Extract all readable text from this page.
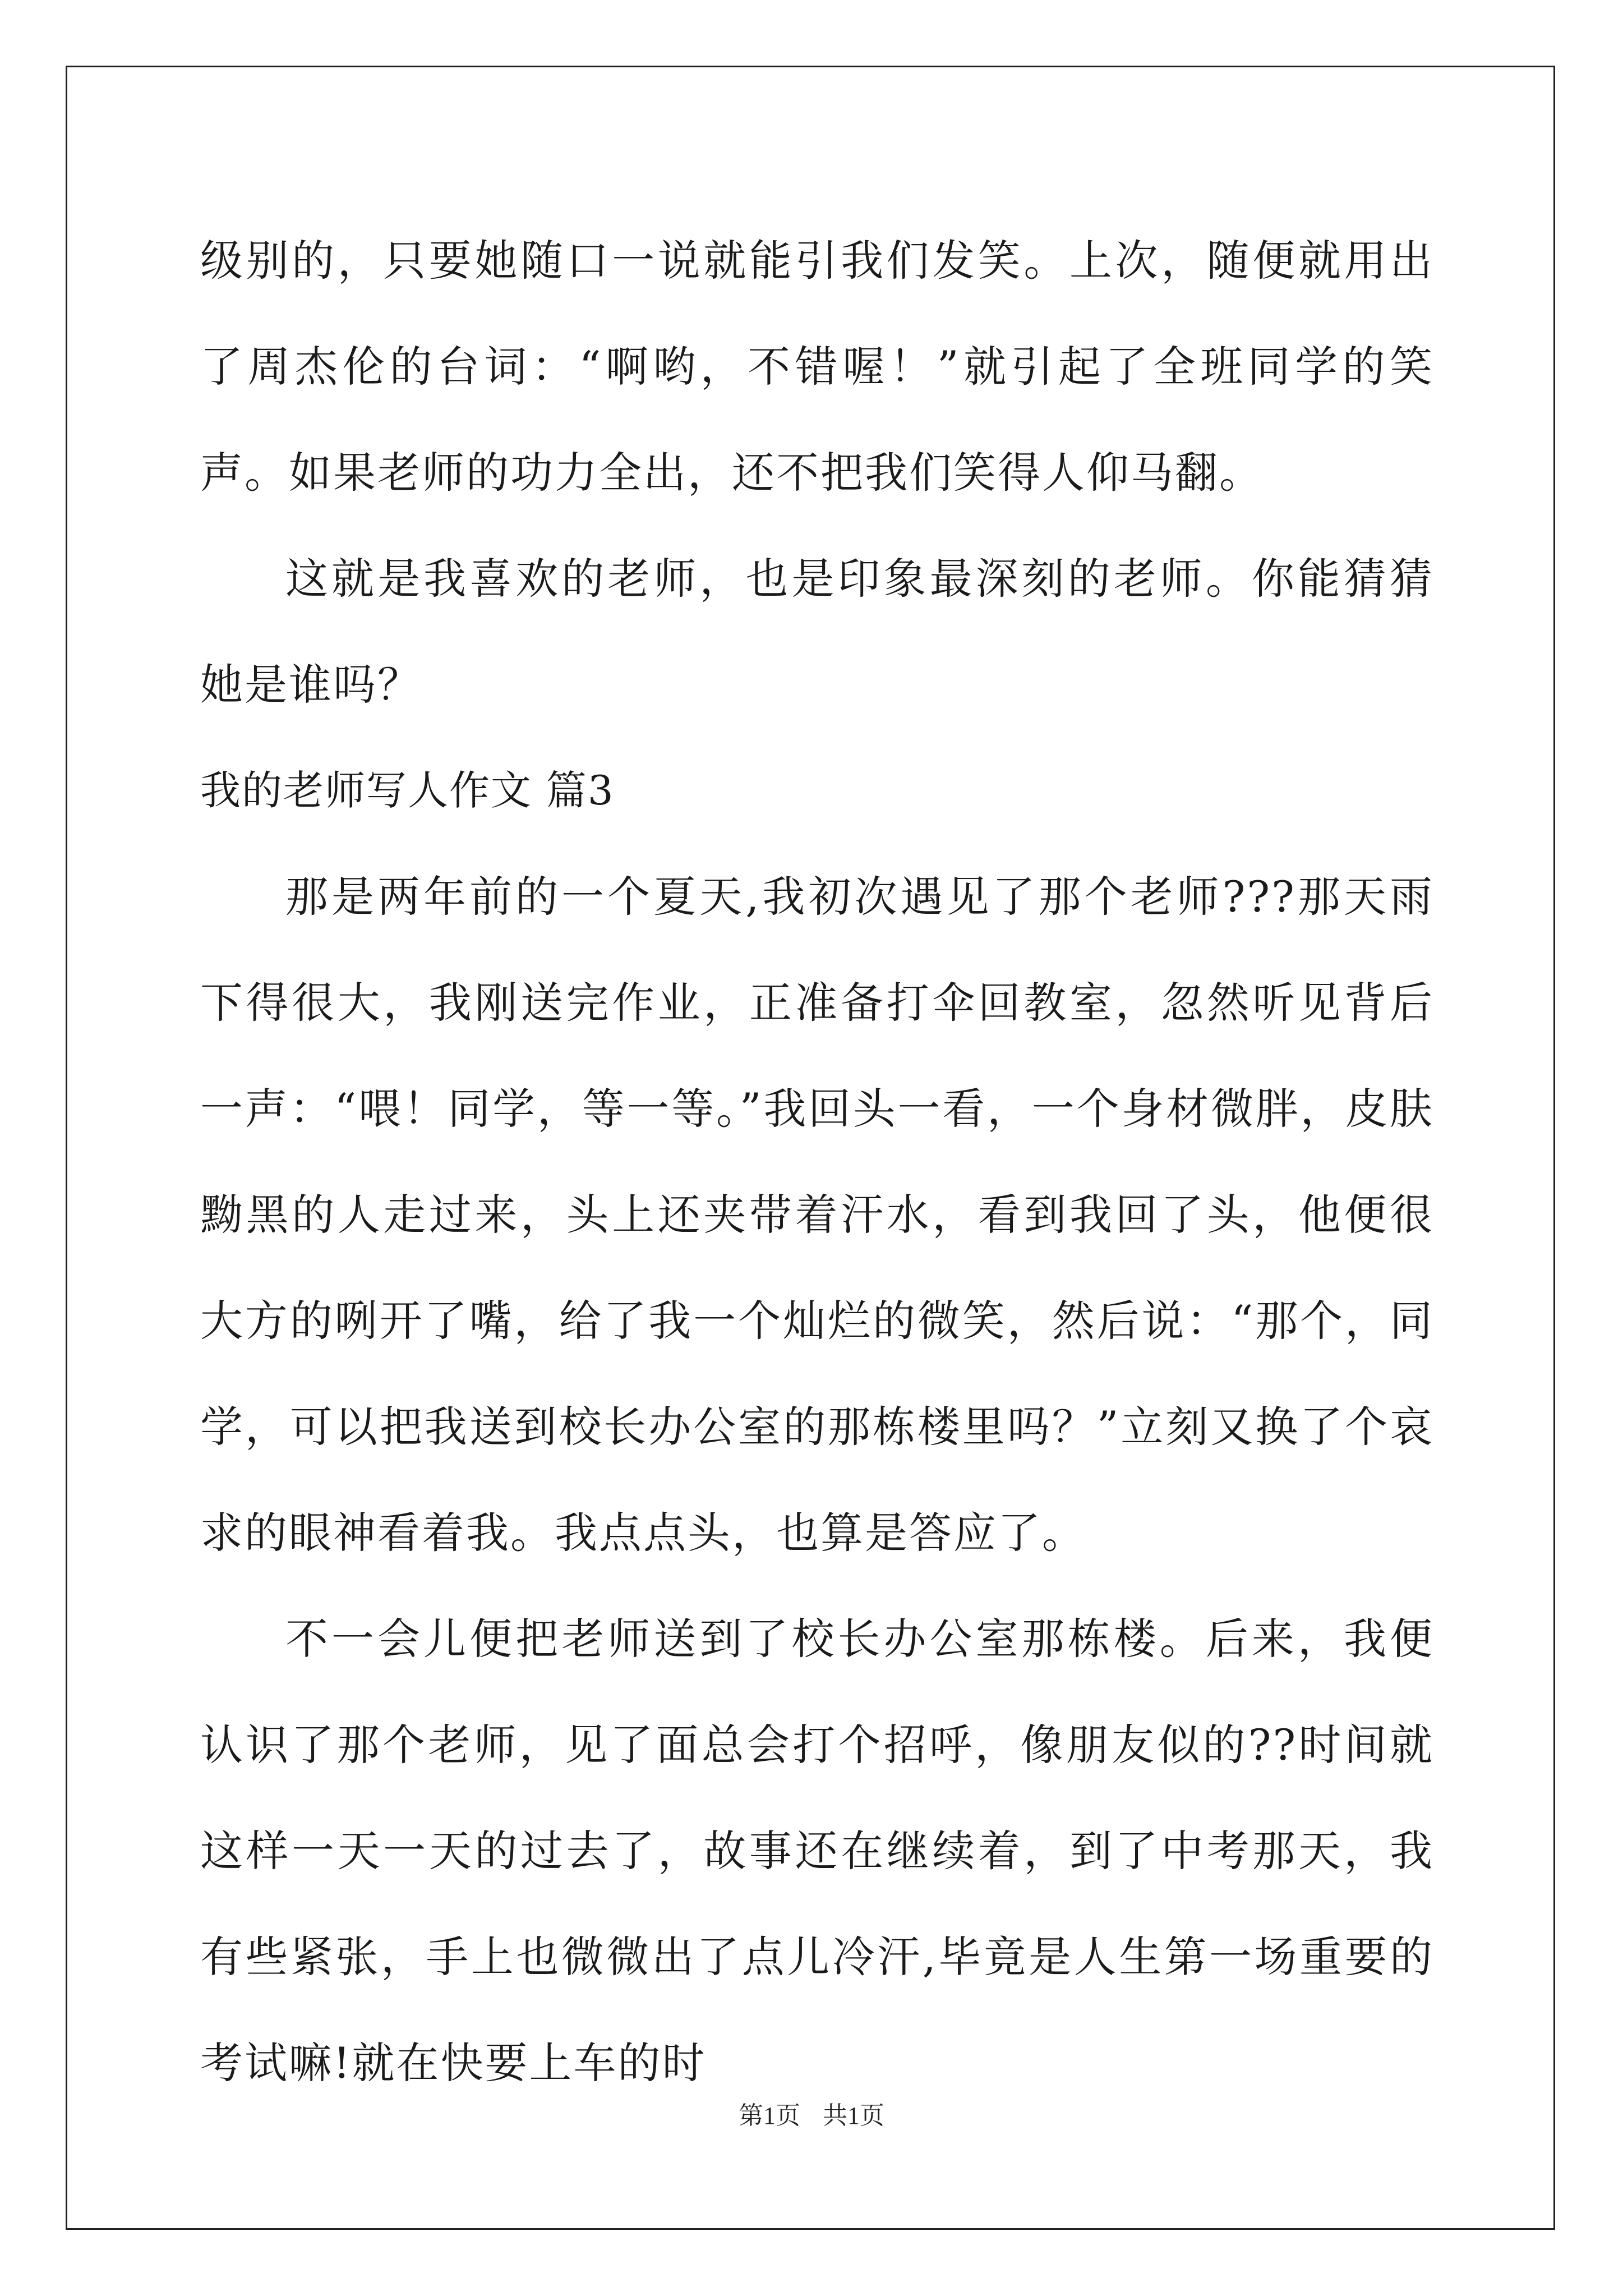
级别的，只要她随口一说就能引我们发笑。上次，随便就用出了周杰伦的台词：“啊哟，不错喔！”就引起了全班同学的笑声。如果老师的功力全出，还不把我们笑得人仰马翻。

这就是我喜欢的老师，也是印象最深刻的老师。你能猜猜她是谁吗？

我的老师写人作文 篇3

那是两年前的一个夏天,我初次遇见了那个老师???那天雨下得很大，我刚送完作业，正准备打伞回教室，忽然听见背后一声：“喂！同学，等一等。”我回头一看，一个身材微胖，皮肤黝黑的人走过来，头上还夹带着汗水，看到我回了头，他便很大方的咧开了嘴，给了我一个灿烂的微笑，然后说：“那个，同学，可以把我送到校长办公室的那栋楼里吗？”立刻又换了个哀求的眼神看着我。我点点头，也算是答应了。

不一会儿便把老师送到了校长办公室那栋楼。后来，我便认识了那个老师，见了面总会打个招呼，像朋友似的??时间就这样一天一天的过去了，故事还在继续着，到了中考那天，我有些紧张，手上也微微出了点儿冷汗,毕竟是人生第一场重要的考试嘛!就在快要上车的时

第1页 共1页
